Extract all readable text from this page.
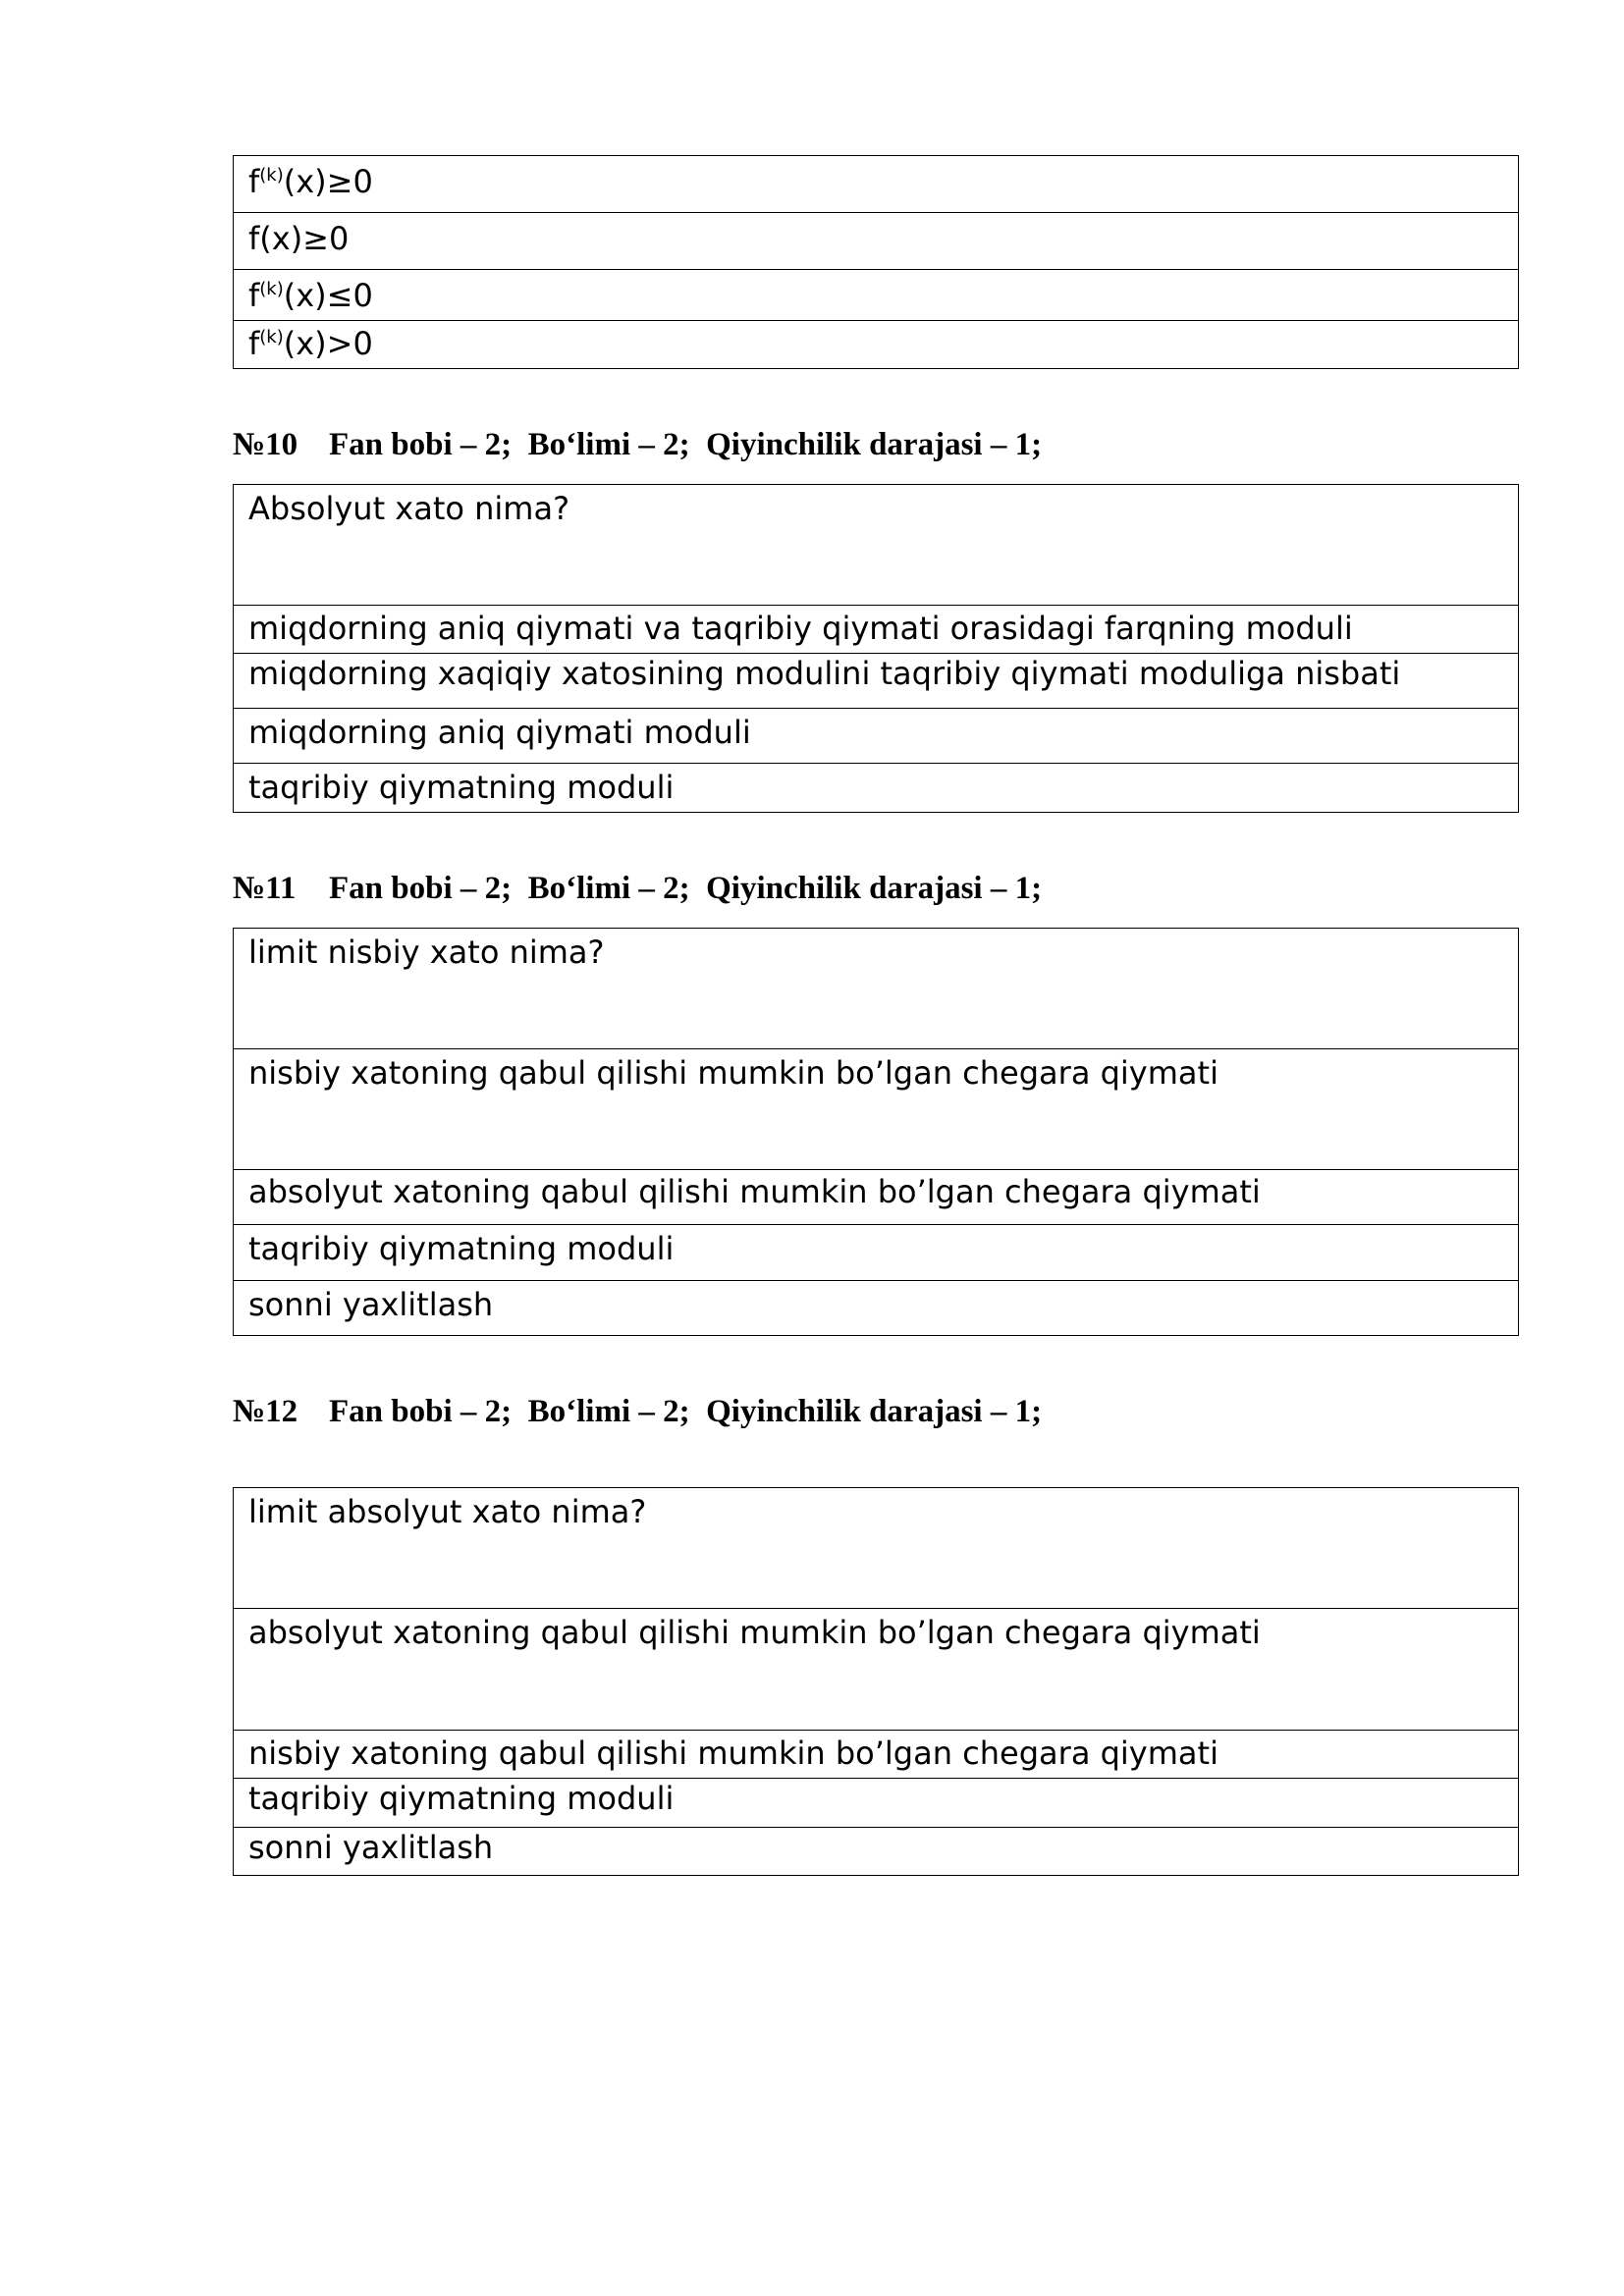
$f^{(k)}(x)\ge 0$
f(x)≥0
$f^{(k)}(x)\le 0$
$f^{(k)}(x)>0$
№10 Fan bobi – 2;  Bo‘limi – 2;  Qiyinchilik darajasi – 1;
Absolyut xato nima?
miqdorning aniq qiymati va taqribiy qiymati orasidagi farqning moduli
miqdorning xaqiqiy xatosining modulini taqribiy qiymati moduliga nisbati
miqdorning aniq qiymati moduli
taqribiy qiymatning moduli
№11 Fan bobi – 2;  Bo‘limi – 2;  Qiyinchilik darajasi – 1;
limit nisbiy xato nima?
nisbiy xatoning qabul qilishi mumkin bo’lgan chegara qiymati
absolyut xatoning qabul qilishi mumkin bo’lgan chegara qiymati
taqribiy qiymatning moduli
sonni yaxlitlash
№12 Fan bobi – 2;  Bo‘limi – 2;  Qiyinchilik darajasi – 1;
limit absolyut xato nima?
absolyut xatoning qabul qilishi mumkin bo’lgan chegara qiymati
nisbiy xatoning qabul qilishi mumkin bo’lgan chegara qiymati
taqribiy qiymatning moduli
sonni yaxlitlash
